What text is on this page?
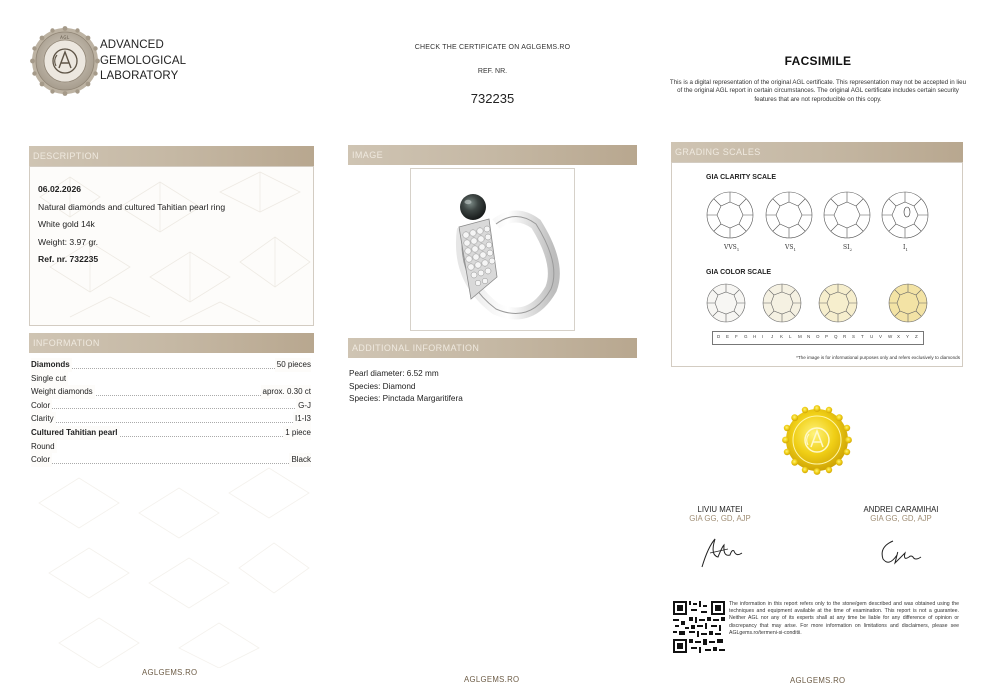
AGL
ADVANCED
GEMOLOGICAL
LABORATORY
CHECK THE CERTIFICATE ON AGLGEMS.RO
REF. NR.
732235
FACSIMILE
This is a digital representation of the original AGL certificate. This representation may not be accepted in lieu of the original AGL report in certain circumstances. The original AGL certificate includes certain security features that are not reproducible on this copy.
DESCRIPTION
06.02.2026
Natural diamonds and cultured Tahitian pearl ring
White gold 14k
Weight: 3.97 gr.
Ref. nr. 732235
INFORMATION
Diamonds	50 pieces
Single cut
Weight diamonds	aprox. 0.30 ct
Color	G-J
Clarity	I1-I3
Cultured Tahitian pearl	1 piece
Round
Color	Black
AGLGEMS.RO
IMAGE
ADDITIONAL INFORMATION
Pearl diameter: 6.52 mm
Species: Diamond
Species: Pinctada Margaritifera
AGLGEMS.RO
GRADING SCALES
GIA CLARITY SCALE
$VVS_1$	$VS_1$	$SI_2$	$I_1$
GIA COLOR SCALE
D E F G H I J K L M N O P Q R S T U V W X Y Z
*The image is for informational purposes only and refers exclusively to diamonds
LIVIU MATEI
GIA GG, GD, AJP
ANDREI CARAMIHAI
GIA GG, GD, AJP
The information in this report refers only to the stone/gem described and was obtained using the techniques and equipment available at the time of examination. This report is not a guarantee. Neither AGL nor any of its experts shall at any time be liable for any difference of opinion or discrepancy that may arise. For more information on limitations and disclaimers, please see AGLgems.ro/termeni-si-conditii.
AGLGEMS.RO
